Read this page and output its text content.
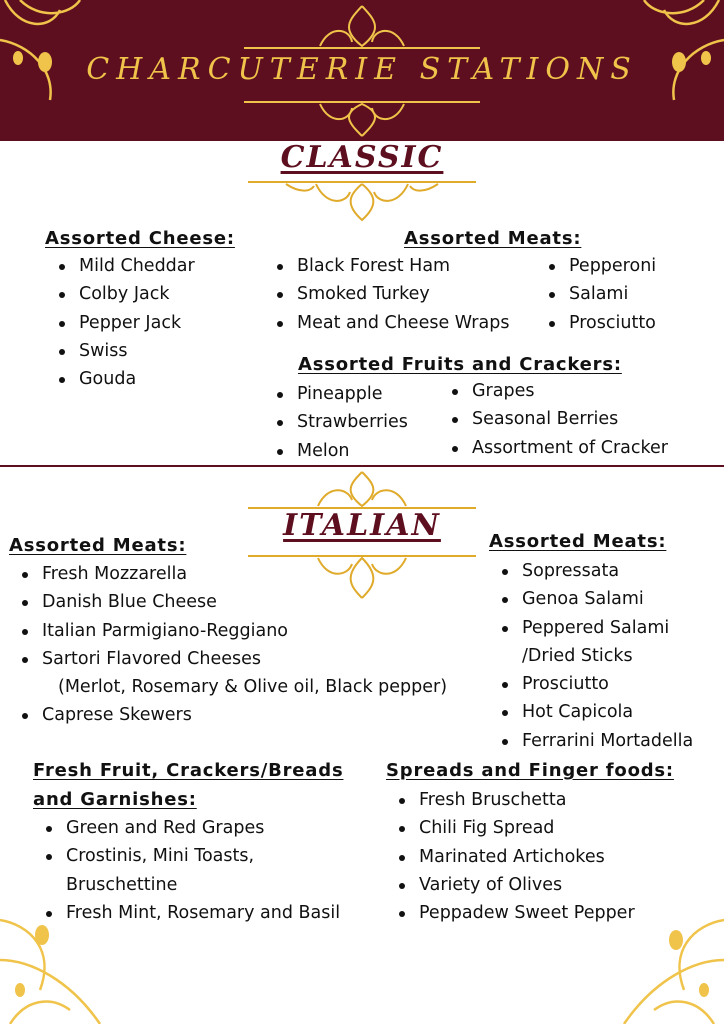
CHARCUTERIE STATIONS
CLASSIC
Assorted Cheese:
Mild Cheddar
Colby Jack
Pepper Jack
Swiss
Gouda
Assorted Meats:
Black Forest Ham
Smoked Turkey
Meat and Cheese Wraps
Pepperoni
Salami
Prosciutto
Assorted Fruits and Crackers:
Pineapple
Strawberries
Melon
Grapes
Seasonal Berries
Assortment of Cracker
ITALIAN
Assorted Meats:
Fresh Mozzarella
Danish Blue Cheese
Italian Parmigiano-Reggiano
Sartori Flavored Cheeses
(Merlot, Rosemary & Olive oil, Black pepper)
Caprese Skewers
Assorted Meats:
Sopressata
Genoa Salami
Peppered Salami
/Dried Sticks
Prosciutto
Hot Capicola
Ferrarini Mortadella
Fresh Fruit, Crackers/Breads
and Garnishes:
Green and Red Grapes
Crostinis, Mini Toasts,
Bruschettine
Fresh Mint, Rosemary and Basil
Spreads and Finger foods:
Fresh Bruschetta
Chili Fig Spread
Marinated Artichokes
Variety of Olives
Peppadew Sweet Pepper
